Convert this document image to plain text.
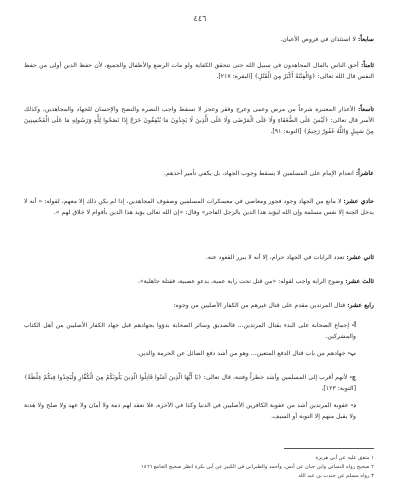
٤٤٦

سابعاً: لا استئذان في فروض الأعيان.

ثامناً: أحق الناس بالمال المجاهدون في سبيل الله حتى تتحقق الكفاية ولو مات الرضع والأطفال والجميع، لأن حفظ الدين أولى من حفظ النفس قال الله تعالى: ﴿وَالْفِتْنَةُ أَكْبَرُ مِنَ الْقَتْلِ﴾ [البقرة: ٢١٧].

تاسعاً: الأعذار المعتبرة شرعاً من مرض وعمى وعرج وفقر وعجز لا تسقط واجب النصرة والنصح والإحسان للجهاد والمجاهدين، وكذلك الأسر قال تعالى: ﴿لَيْسَ عَلَى الضُّعَفَاءِ وَلَا عَلَى الْمَرْضَى وَلَا عَلَى الَّذِينَ لَا يَجِدُونَ مَا يُنْفِقُونَ حَرَجٌ إِذَا نَصَحُوا لِلَّهِ وَرَسُولِهِ مَا عَلَى الْمُحْسِنِينَ مِنْ سَبِيلٍ وَاللَّهُ غَفُورٌ رَحِيمٌ﴾ [التوبة: ٩١].

عاشراً: انعدام الإمام على المسلمين لا يسقط وجوب الجهاد، بل يكفي تأمير أحدهم.

حادي عشر: لا مانع من الجهاد وجود فجور ومعاصي في معسكرات المسلمين وصفوف المجاهدين، إذا لم يكن ذلك إلا معهم، لقوله: « أنه لا يدخل الجنة إلا نفس مسلمة وإن الله ليؤيد هذا الدين بالرجل الفاجر» وقال: «إن الله تعالى يؤيد هذا الدين بأقوام لا خلاق لهم ».

ثاني عشر: تعدد الرايات في الجهاد حرام، إلا أنه لا يبرر القعود عنه.

ثالث عشر: وضوح الراية واجب لقوله: «من قتل تحت راية عمية، يدعو عصبية، فقتلة جاهلية».

رابع عشر: قتال المرتدين مقدم على قتال غيرهم من الكفار الأصليين من وجوه:

أ- إجماع الصحابة على البدء بقتال المرتدين... فالصديق وسائر الصحابة بدؤوا بجهادهم قبل جهاد الكفار الأصليين من أهل الكتاب والمشركين.

ب- جهادهم من باب قتال الدفع المتعين... وهو من أشد دفع الصائل عن الحرمة والدين.

ج- لأنهم أقرب إلى المسلمين وأشد خطراً وفتنة، قال تعالى: ﴿يَا أَيُّهَا الَّذِينَ آمَنُوا قَاتِلُوا الَّذِينَ يَلُونَكُمْ مِنَ الْكُفَّارِ وَلْيَجِدُوا فِيكُمْ غِلْظَةً﴾ [التوبة: ١٢٣].

د- عقوبة المرتدين أشد من عقوبة الكافرين الأصليين في الدنيا وكذا في الآخرة. فلا تعقد لهم ذمة ولا أمان ولا عهد ولا صلح ولا هدنة ولا يقبل منهم إلا التوبة أو السيف.

١ متفق عليه عن أبي هريرة
٢ صحيح رواه النسائي وابن حبان عن أنس، وأحمد والطبراني في الكبير عن أبي بكرة انظر صحيح الجامع ١٨٦٦
٣ رواه مسلم عن جندب بن عبد الله
